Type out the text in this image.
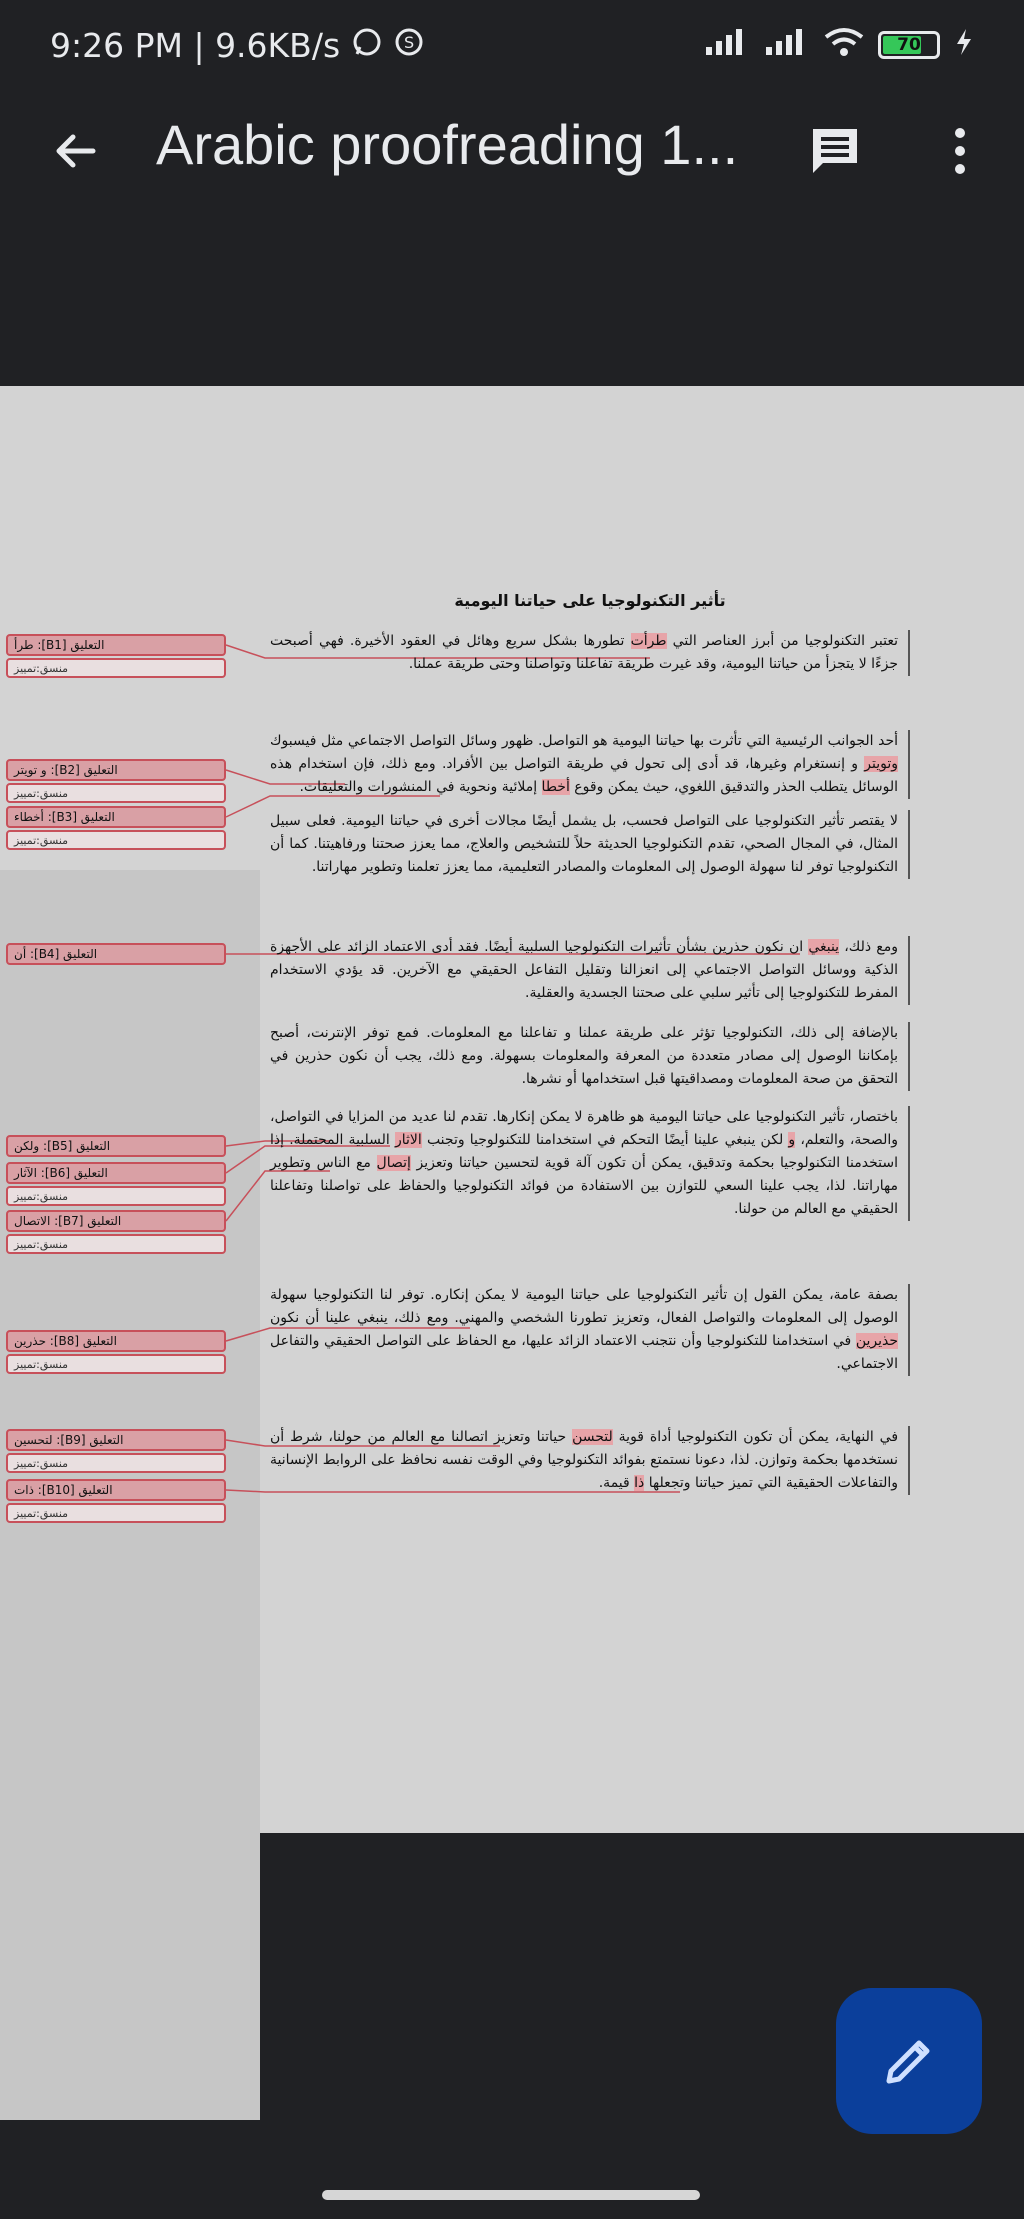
9:26 PM | 9.6KB/s	S	70
Arabic proofreading 1...
التعليق [B1]: طرأ
منسق:تمييز
التعليق [B2]: و تويتر
منسق:تمييز
التعليق [B3]: أخطاء
منسق:تمييز
التعليق [B4]: أن
التعليق [B5]: ولكن
التعليق [B6]: الآثار
منسق:تمييز
التعليق [B7]: الاتصال
منسق:تمييز
التعليق [B8]: حذرين
منسق:تمييز
التعليق [B9]: لتحسين
منسق:تمييز
التعليق [B10]: ذات
منسق:تمييز
تأثير التكنولوجيا على حياتنا اليومية
تعتبر التكنولوجيا من أبرز العناصر التي طرأت تطورها بشكل سريع وهائل في العقود الأخيرة. فهي أصبحت جزءًا لا يتجزأ من حياتنا اليومية، وقد غيرت طريقة تفاعلنا وتواصلنا وحتى طريقة عملنا.
أحد الجوانب الرئيسية التي تأثرت بها حياتنا اليومية هو التواصل. ظهور وسائل التواصل الاجتماعي مثل فيسبوك وتويتر و إنستغرام وغيرها، قد أدى إلى تحول في طريقة التواصل بين الأفراد. ومع ذلك، فإن استخدام هذه الوسائل يتطلب الحذر والتدقيق اللغوي، حيث يمكن وقوع أخطا إملائية ونحوية في المنشورات والتعليقات.
لا يقتصر تأثير التكنولوجيا على التواصل فحسب، بل يشمل أيضًا مجالات أخرى في حياتنا اليومية. فعلى سبيل المثال، في المجال الصحي، تقدم التكنولوجيا الحديثة حلاً للتشخيص والعلاج، مما يعزز صحتنا ورفاهيتنا. كما أن التكنولوجيا توفر لنا سهولة الوصول إلى المعلومات والمصادر التعليمية، مما يعزز تعلمنا وتطوير مهاراتنا.
ومع ذلك، ينبغي ان نكون حذرين بشأن تأثيرات التكنولوجيا السلبية أيضًا. فقد أدى الاعتماد الزائد على الأجهزة الذكية ووسائل التواصل الاجتماعي إلى انعزالنا وتقليل التفاعل الحقيقي مع الآخرين. قد يؤدي الاستخدام المفرط للتكنولوجيا إلى تأثير سلبي على صحتنا الجسدية والعقلية.
بالإضافة إلى ذلك، التكنولوجيا تؤثر على طريقة عملنا و تفاعلنا مع المعلومات. فمع توفر الإنترنت، أصبح بإمكاننا الوصول إلى مصادر متعددة من المعرفة والمعلومات بسهولة. ومع ذلك، يجب أن نكون حذرين في التحقق من صحة المعلومات ومصداقيتها قبل استخدامها أو نشرها.
باختصار، تأثير التكنولوجيا على حياتنا اليومية هو ظاهرة لا يمكن إنكارها. تقدم لنا عديد من المزايا في التواصل، والصحة، والتعلم، و لكن ينبغي علينا أيضًا التحكم في استخدامنا للتكنولوجيا وتجنب الاثار السلبية المحتملة. إذا استخدمنا التكنولوجيا بحكمة وتدقيق، يمكن أن تكون آلة قوية لتحسين حياتنا وتعزيز إتصال مع الناس وتطوير مهاراتنا. لذا، يجب علينا السعي للتوازن بين الاستفادة من فوائد التكنولوجيا والحفاظ على تواصلنا وتفاعلنا الحقيقي مع العالم من حولنا.
بصفة عامة، يمكن القول إن تأثير التكنولوجيا على حياتنا اليومية لا يمكن إنكاره. توفر لنا التكنولوجيا سهولة الوصول إلى المعلومات والتواصل الفعال، وتعزيز تطورنا الشخصي والمهني. ومع ذلك، ينبغي علينا أن نكون حذيرين في استخدامنا للتكنولوجيا وأن نتجنب الاعتماد الزائد عليها، مع الحفاظ على التواصل الحقيقي والتفاعل الاجتماعي.
في النهاية، يمكن أن تكون التكنولوجيا أداة قوية لتحسن حياتنا وتعزيز اتصالنا مع العالم من حولنا، شرط أن نستخدمها بحكمة وتوازن. لذا، دعونا نستمتع بفوائد التكنولوجيا وفي الوقت نفسه نحافظ على الروابط الإنسانية والتفاعلات الحقيقية التي تميز حياتنا وتجعلها ذا قيمة.
